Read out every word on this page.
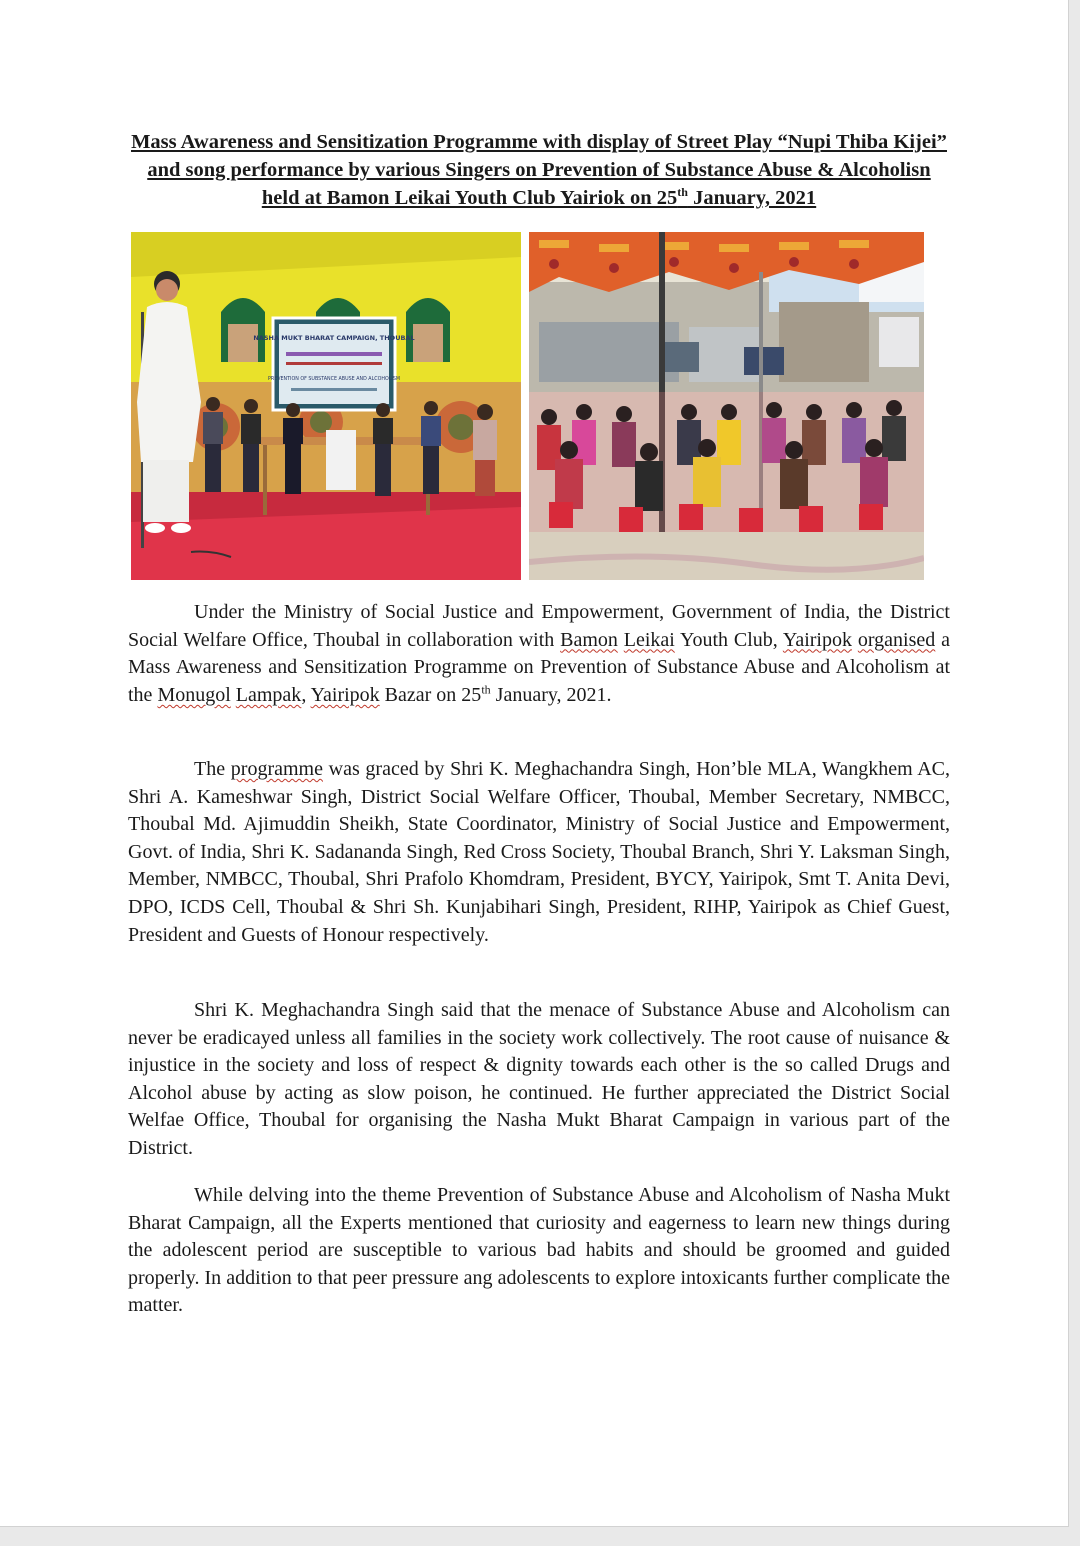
Mass Awareness and Sensitization Programme with display of Street Play “Nupi Thiba Kijei” and song performance by various Singers on Prevention of Substance Abuse & Alcoholisn held at Bamon Leikai Youth Club Yairiok on 25th January, 2021
NASHA MUKT BHARAT CAMPAIGN, THOUBAL
PREVENTION OF SUBSTANCE ABUSE AND ALCOHOLISM

Under the Ministry of Social Justice and Empowerment, Government of India, the District Social Welfare Office, Thoubal in collaboration with Bamon Leikai Youth Club, Yairipok organised a Mass Awareness and Sensitization Programme on Prevention of Substance Abuse and Alcoholism at the Monugol Lampak, Yairipok Bazar on 25th January, 2021.

The programme was graced by Shri K. Meghachandra Singh, Hon’ble MLA, Wangkhem AC, Shri A. Kameshwar Singh, District Social Welfare Officer, Thoubal, Member Secretary, NMBCC, Thoubal Md. Ajimuddin Sheikh, State Coordinator, Ministry of Social Justice and Empowerment, Govt. of India, Shri K. Sadananda Singh, Red Cross Society, Thoubal Branch, Shri Y. Laksman Singh, Member, NMBCC, Thoubal, Shri Prafolo Khomdram, President, BYCY, Yairipok, Smt T. Anita Devi, DPO, ICDS Cell, Thoubal & Shri Sh. Kunjabihari Singh, President, RIHP, Yairipok as Chief Guest, President and Guests of Honour respectively.

Shri K. Meghachandra Singh said that the menace of Substance Abuse and Alcoholism can never be eradicayed unless all families in the society work collectively. The root cause of nuisance & injustice in the society and loss of respect & dignity towards each other is the so called Drugs and Alcohol abuse by acting as slow poison, he continued. He further appreciated the District Social Welfae Office, Thoubal for organising the Nasha Mukt Bharat Campaign in various part of the District.

While delving into the theme Prevention of Substance Abuse and Alcoholism of Nasha Mukt Bharat Campaign, all the Experts mentioned that curiosity and eagerness to learn new things during the adolescent period are susceptible to various bad habits and should be groomed and guided properly. In addition to that peer pressure ang adolescents to explore intoxicants further complicate the matter.
